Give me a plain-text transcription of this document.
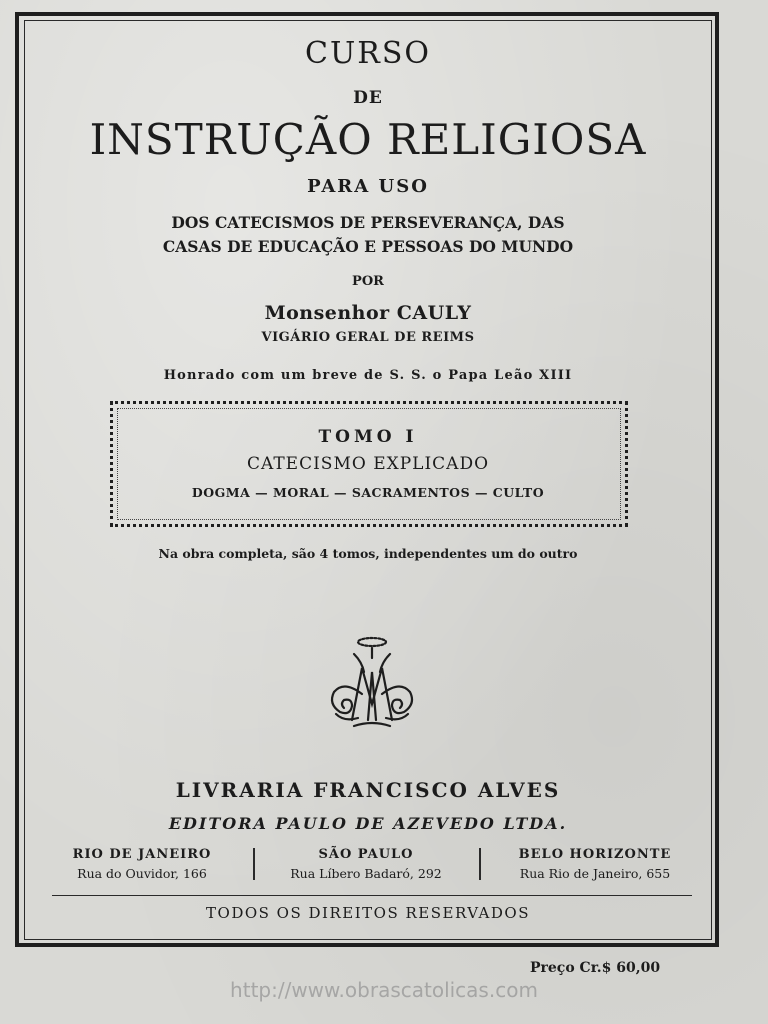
CURSO
DE
INSTRUÇÃO RELIGIOSA
PARA USO
DOS CATECISMOS DE PERSEVERANÇA, DAS
CASAS DE EDUCAÇÃO E PESSOAS DO MUNDO
POR
Monsenhor CAULY
VIGÁRIO GERAL DE REIMS
Honrado com um breve de S. S. o Papa Leão XIII
TOMO I
CATECISMO EXPLICADO
DOGMA — MORAL — SACRAMENTOS — CULTO
Na obra completa, são 4 tomos, independentes um do outro
LIVRARIA FRANCISCO ALVES
EDITORA PAULO DE AZEVEDO LTDA.
RIO DE JANEIRO
Rua do Ouvidor, 166
SÃO PAULO
Rua Líbero Badaró, 292
BELO HORIZONTE
Rua Rio de Janeiro, 655
TODOS OS DIREITOS RESERVADOS
Preço Cr.$ 60,00
http://www.obrascatolicas.com
